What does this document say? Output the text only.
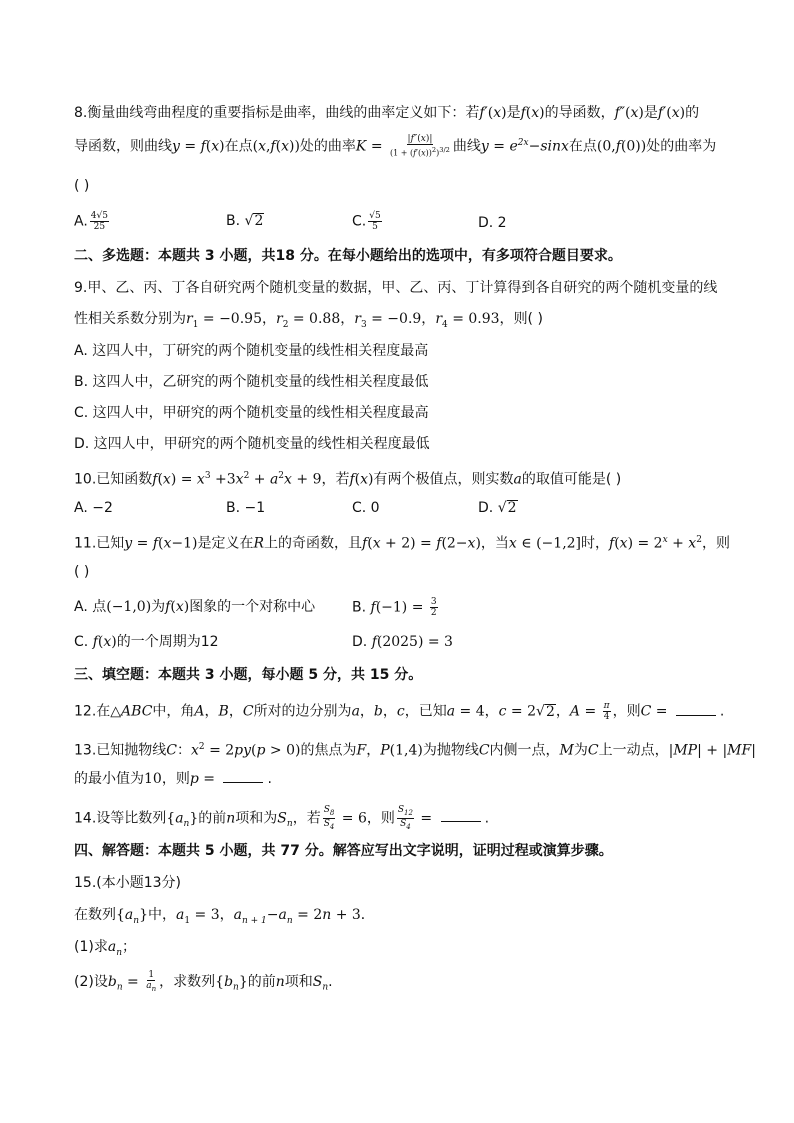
8.衡量曲线弯曲程度的重要指标是曲率，曲线的曲率定义如下：若f′(x)是f(x)的导函数，f″(x)是f′(x)的
导函数，则曲线y = f(x)在点(x,f(x))处的曲率$K = \frac{|f''(x)|}{(1 + (f'(x))^2)^{3/2}}$ 曲线$y = e^{2x}-\sin x$在点(0,f(0))处的曲率为
( )
A. $\frac{4√5}{25}$	B. √2	C. $\frac{√5}{5}$	D. 2
二、多选题：本题共 3 小题，共18 分。在每小题给出的选项中，有多项符合题目要求。
9.甲、乙、丙、丁各自研究两个随机变量的数据，甲、乙、丙、丁计算得到各自研究的两个随机变量的线
性相关系数分别为$r_1 = -0.95$，$r_2 = 0.88$，$r_3 = -0.9$，$r_4 = 0.93$，则( )
A. 这四人中，丁研究的两个随机变量的线性相关程度最高
B. 这四人中，乙研究的两个随机变量的线性相关程度最低
C. 这四人中，甲研究的两个随机变量的线性相关程度最高
D. 这四人中，甲研究的两个随机变量的线性相关程度最低
10.已知函数$f(x) = x^3 +3x^2 + a^2x + 9$，若f(x)有两个极值点，则实数a的取值可能是( )
A. −2	B. −1	C. 0	D. √2
11.已知y = f(x−1)是定义在R上的奇函数，且f(x + 2) = f(2−x)，当x ∈ (−1,2]时，$f(x) = 2^x + x^2$，则
( )
A. 点(−1,0)为f(x)图象的一个对称中心	B. $f(-1) = \frac{3}{2}$
C. f(x)的一个周期为12	D. f(2025) = 3
三、填空题：本题共 3 小题，每小题 5 分，共 15 分。
12.在△ABC中，角A，B，C所对的边分别为a，b，c，已知a = 4，c = 2√2，$A = \frac{\pi}{4}$ ，则C =	.
13.已知抛物线C：$x^2 = 2py(p > 0)$的焦点为F，P(1,4)为抛物线C内侧一点，M为C上一动点，|MP| + |MF|
的最小值为10，则p =	.
14.设等比数列$\{a_n\}$的前n项和为$S_n$，若 $\frac{S_8}{S_4} = 6$，则 $\frac{S_{12}}{S_4}$ =	.
四、解答题：本题共 5 小题，共 77 分。解答应写出文字说明，证明过程或演算步骤。
15.(本小题13分)
在数列$\{a_n\}$中，$a_1 = 3$，$a_{n + 1}-a_n = 2n + 3$．
(1)求$a_n$；
(2)设$b_n = \frac{1}{a_n}$ ，求数列$\{b_n\}$的前n项和$S_n$.
